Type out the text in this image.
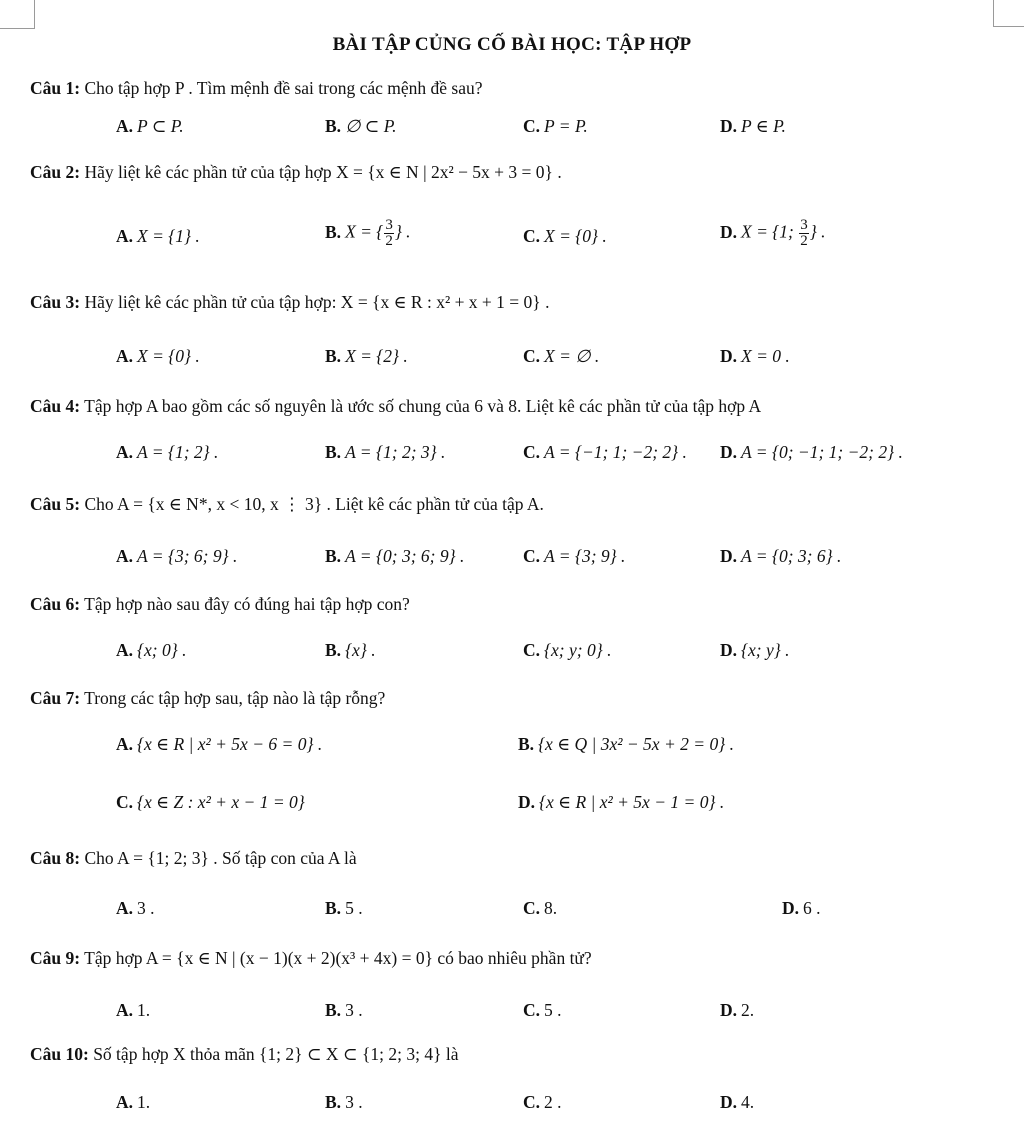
BÀI TẬP CỦNG CỐ BÀI HỌC: TẬP HỢP
Câu 1: Cho tập hợp P . Tìm mệnh đề sai trong các mệnh đề sau?
A. P ⊂ P.	B. ∅ ⊂ P.	C. P = P.	D. P ∈ P.
Câu 2: Hãy liệt kê các phần tử của tập hợp X = {x ∈ N | 2x² − 5x + 3 = 0} .
A. X = {1} .	B. X = { $\frac{3}{2}$ } .	C. X = {0} .	D. X = {1; $\frac{3}{2}$ } .
Câu 3: Hãy liệt kê các phần tử của tập hợp: X = {x ∈ R : x² + x + 1 = 0} .
A. X = {0} .	B. X = {2} .	C. X = ∅ .	D. X = 0 .
Câu 4: Tập hợp A bao gồm các số nguyên là ước số chung của 6 và 8. Liệt kê các phần tử của tập hợp A
A. A = {1; 2} .	B. A = {1; 2; 3} .	C. A = {−1; 1; −2; 2} . D. A = {0; −1; 1; −2; 2} .
Câu 5: Cho A = {x ∈ N*, x < 10, x ⋮ 3} . Liệt kê các phần tử của tập A.
A. A = {3; 6; 9} .	B. A = {0; 3; 6; 9} .	C. A = {3; 9} .	D. A = {0; 3; 6} .
Câu 6: Tập hợp nào sau đây có đúng hai tập hợp con?
A. {x; 0} .	B. {x} .	C. {x; y; 0} .	D. {x; y} .
Câu 7: Trong các tập hợp sau, tập nào là tập rỗng?
A. {x ∈ R | x² + 5x − 6 = 0} .	B. {x ∈ Q | 3x² − 5x + 2 = 0} .
C. {x ∈ Z : x² + x − 1 = 0}	D. {x ∈ R | x² + 5x − 1 = 0} .
Câu 8: Cho A = {1; 2; 3} . Số tập con của A là
A. 3 .	B. 5 .	C. 8.	D. 6 .
Câu 9: Tập hợp A = {x ∈ N | (x − 1)(x + 2)(x³ + 4x) = 0} có bao nhiêu phần tử?
A. 1.	B. 3 .	C. 5 .	D. 2.
Câu 10: Số tập hợp X thỏa mãn {1; 2} ⊂ X ⊂ {1; 2; 3; 4} là
A. 1.	B. 3 .	C. 2 .	D. 4.
